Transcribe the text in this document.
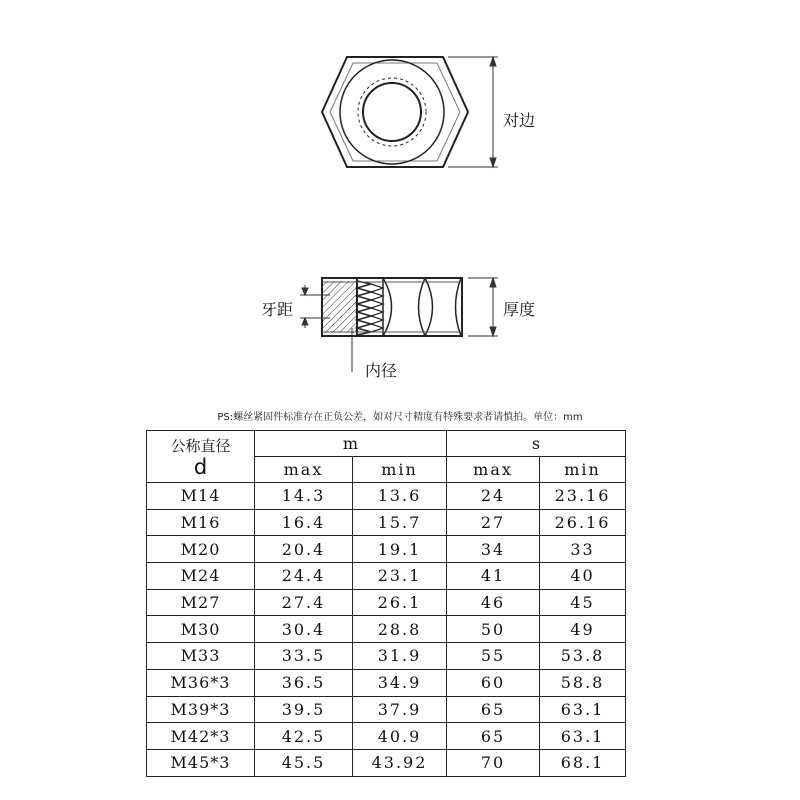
对边
牙距	厚度
内径
PS:螺丝紧固件标准存在正负公差，如对尺寸精度有特殊要求者请慎拍。单位：mm
公称直径
d	m		s	
	max	min	max	min
M14	14.3	13.6	24	23.16
M16	16.4	15.7	27	26.16
M20	20.4	19.1	34	33
M24	24.4	23.1	41	40
M27	27.4	26.1	46	45
M30	30.4	28.8	50	49
M33	33.5	31.9	55	53.8
M36*3	36.5	34.9	60	58.8
M39*3	39.5	37.9	65	63.1
M42*3	42.5	40.9	65	63.1
M45*3	45.5	43.92	70	68.1
